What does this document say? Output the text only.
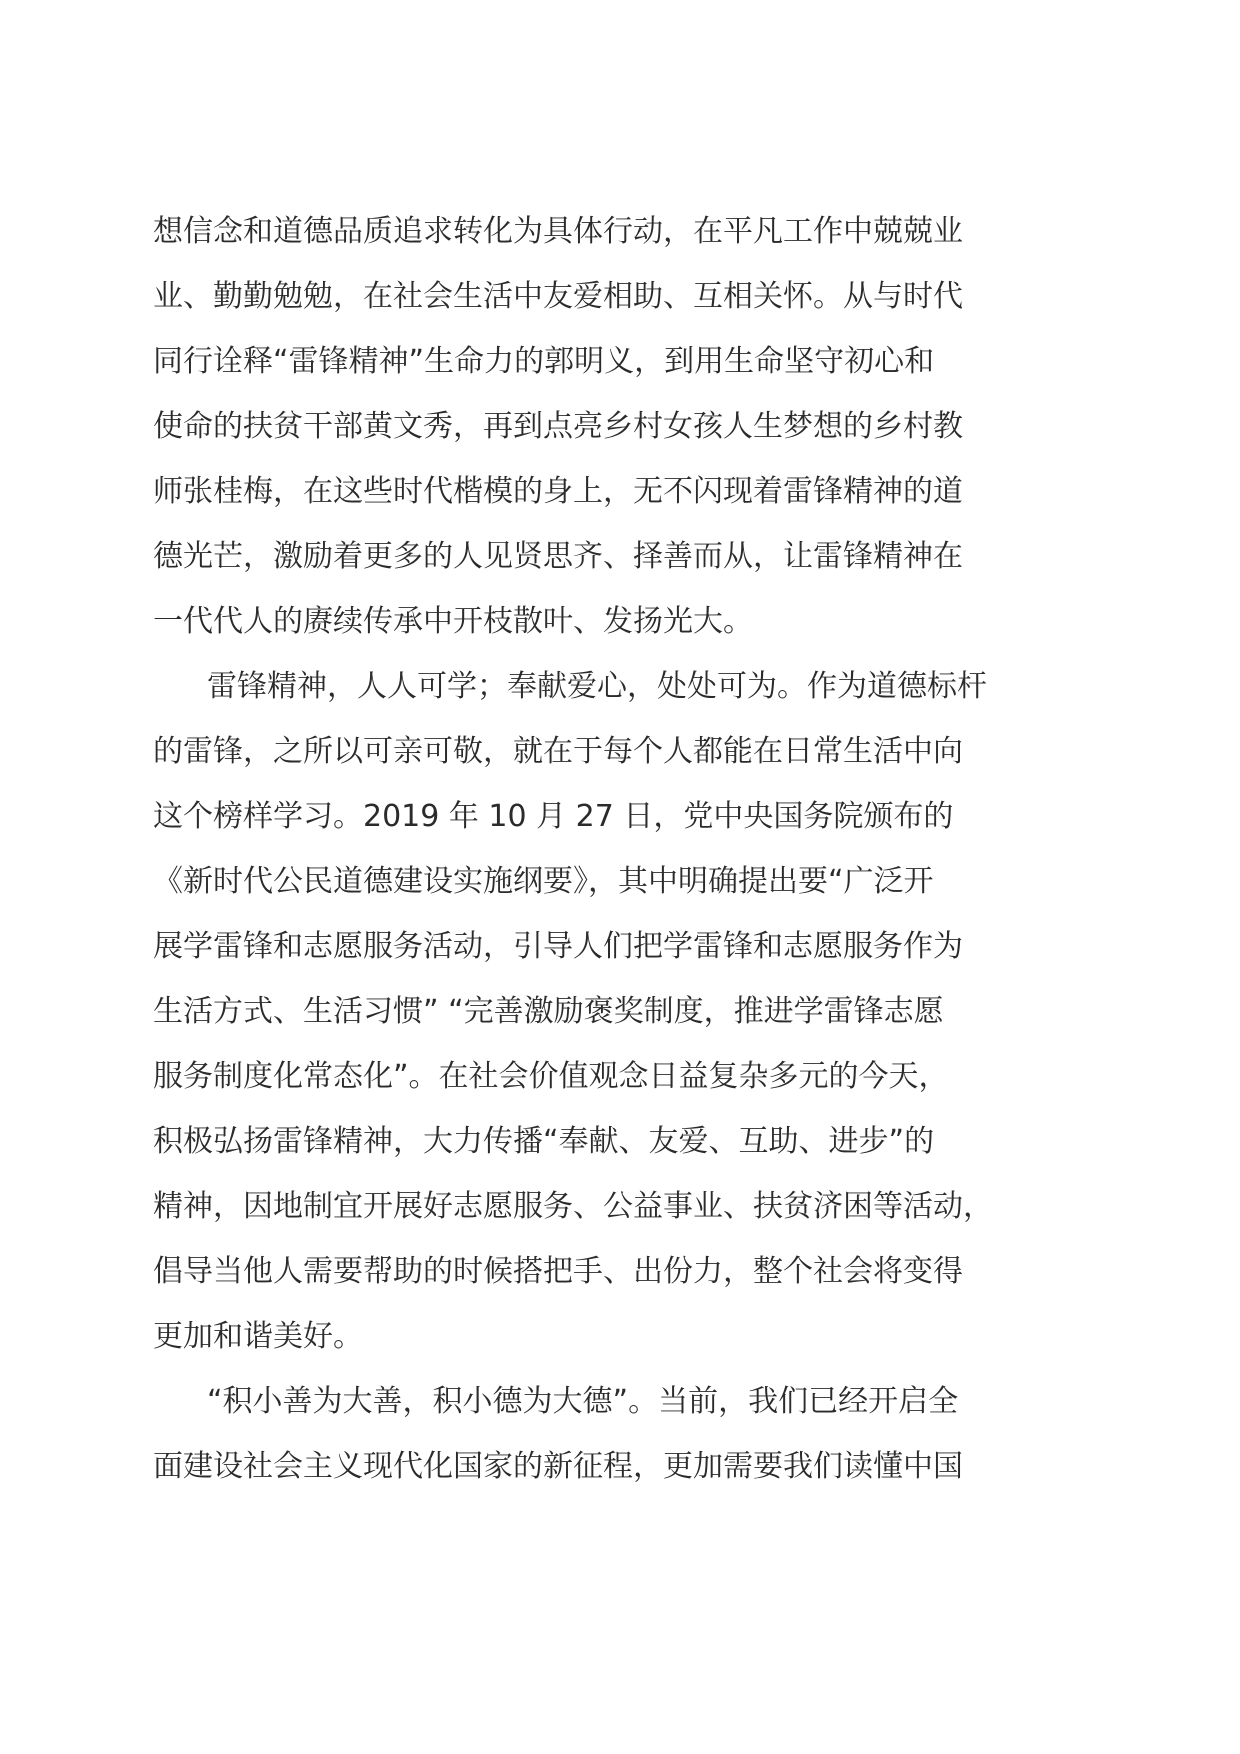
想信念和道德品质追求转化为具体行动，在平凡工作中兢兢业

业、勤勤勉勉，在社会生活中友爱相助、互相关怀。从与时代

同行诠释“雷锋精神”生命力的郭明义，到用生命坚守初心和

使命的扶贫干部黄文秀，再到点亮乡村女孩人生梦想的乡村教

师张桂梅，在这些时代楷模的身上，无不闪现着雷锋精神的道

德光芒，激励着更多的人见贤思齐、择善而从，让雷锋精神在

一代代人的赓续传承中开枝散叶、发扬光大。

雷锋精神，人人可学；奉献爱心，处处可为。作为道德标杆

的雷锋，之所以可亲可敬，就在于每个人都能在日常生活中向

这个榜样学习。2019 年 10 月 27 日，党中央国务院颁布的

《新时代公民道德建设实施纲要》，其中明确提出要“广泛开

展学雷锋和志愿服务活动，引导人们把学雷锋和志愿服务作为

生活方式、生活习惯” “完善激励褒奖制度，推进学雷锋志愿

服务制度化常态化”。在社会价值观念日益复杂多元的今天，

积极弘扬雷锋精神，大力传播“奉献、友爱、互助、进步”的

精神，因地制宜开展好志愿服务、公益事业、扶贫济困等活动，

倡导当他人需要帮助的时候搭把手、出份力，整个社会将变得

更加和谐美好。

“积小善为大善，积小德为大德”。当前，我们已经开启全

面建设社会主义现代化国家的新征程，更加需要我们读懂中国
